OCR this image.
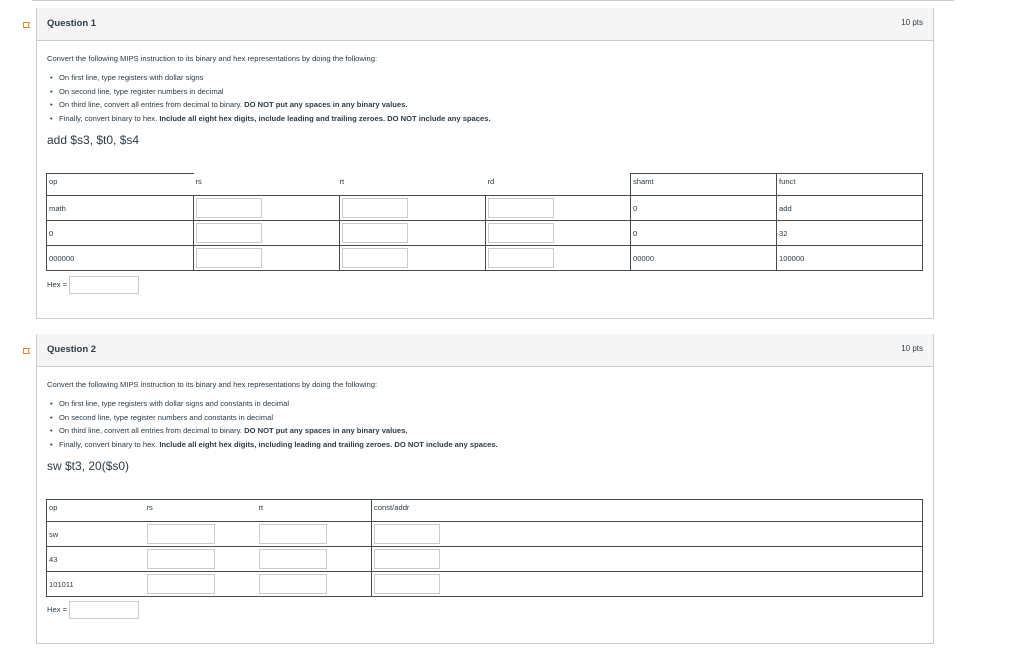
Question 1	10 pts
Convert the following MIPS instruction to its binary and hex representations by doing the following:
• On first line, type registers with dollar signs
• On second line, type register numbers in decimal
• On third line, convert all entries from decimal to binary. DO NOT put any spaces in any binary values.
• Finally, convert binary to hex. Include all eight hex digits, include leading and trailing zeroes. DO NOT include any spaces.
add $s3, $t0, $s4
op	rs	rt	rd	shamt	funct
math				0	add
0				0	32
000000				00000	100000
Hex =
Question 2	10 pts
Convert the following MIPS instruction to its binary and hex representations by doing the following:
• On first line, type registers with dollar signs and constants in decimal
• On second line, type register numbers and constants in decimal
• On third line, convert all entries from decimal to binary. DO NOT put any spaces in any binary values.
• Finally, convert binary to hex. Include all eight hex digits, including leading and trailing zeroes. DO NOT include any spaces.
sw $t3, 20($s0)
op	rs	rt	const/addr
sw			
43			
101011			
Hex =
